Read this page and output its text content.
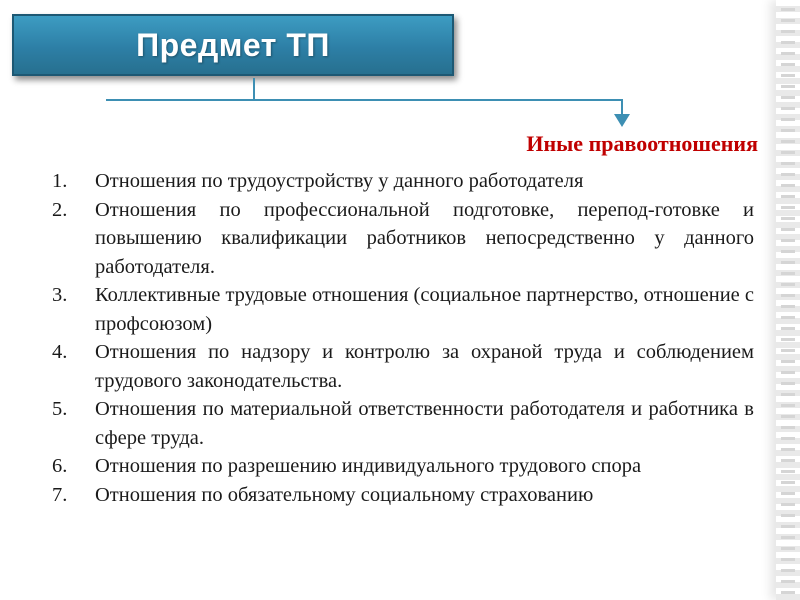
Предмет ТП
Иные правоотношения
1. Отношения по трудоустройству у данного работодателя
2. Отношения по профессиональной подготовке, перепод-готовке и повышению квалификации работников непосредственно у данного работодателя.
3. Коллективные трудовые отношения (социальное партнерство, отношение с профсоюзом)
4. Отношения по надзору и контролю за охраной труда и соблюдением трудового законодательства.
5. Отношения по материальной ответственности работодателя и работника в сфере труда.
6. Отношения по разрешению индивидуального трудового спора
7. Отношения по обязательному социальному страхованию
